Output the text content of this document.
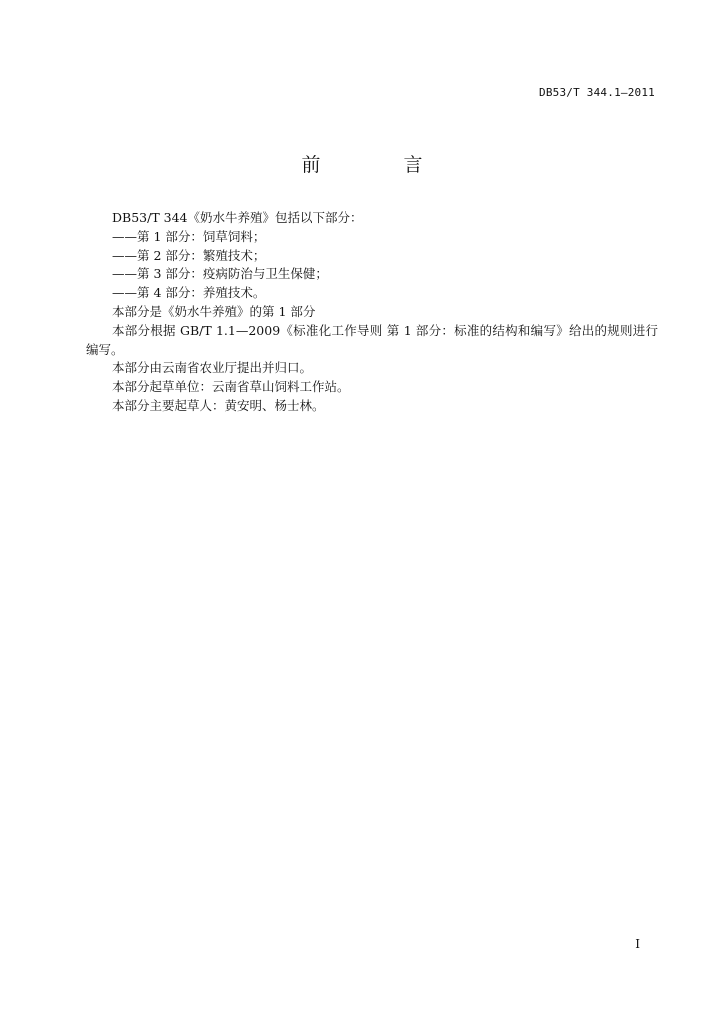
DB53/T 344.1—2011
前　言

DB53/T 344《奶水牛养殖》包括以下部分：

——第 1 部分：饲草饲料；

——第 2 部分：繁殖技术；

——第 3 部分：疫病防治与卫生保健；

——第 4 部分：养殖技术。

本部分是《奶水牛养殖》的第 1 部分

本部分根据 GB/T 1.1—2009《标准化工作导则 第 1 部分：标准的结构和编写》给出的规则进行编写。

本部分由云南省农业厅提出并归口。

本部分起草单位：云南省草山饲料工作站。

本部分主要起草人：黄安明、杨士林。

I
